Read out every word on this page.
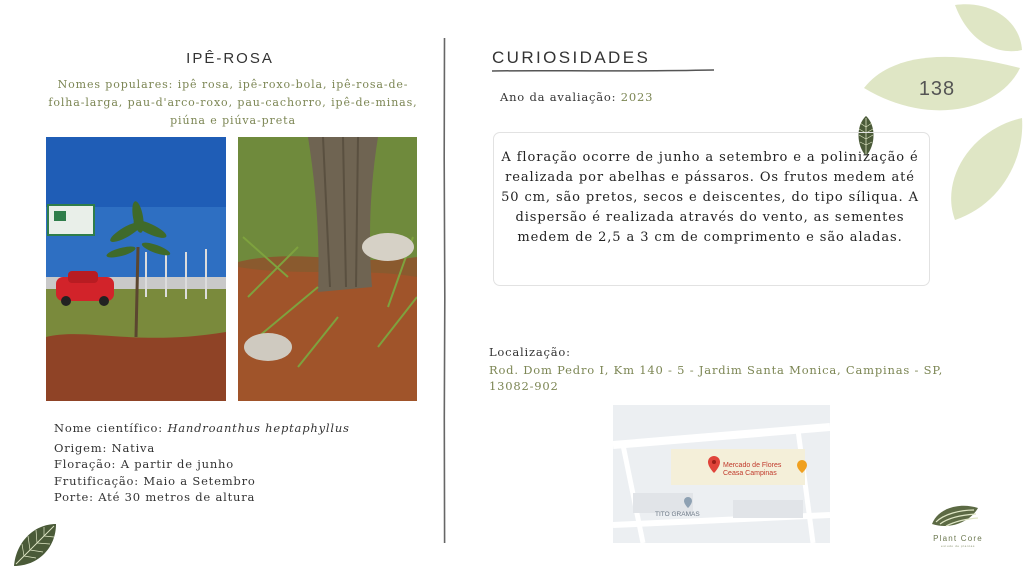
138
IPÊ-ROSA
Nomes populares: ipê rosa, ipê-roxo-bola, ipê-rosa-de-folha-larga, pau-d'arco-roxo, pau-cachorro, ipê-de-minas, piúna e piúva-preta
Nome científico: Handroanthus heptaphyllus
Origem: Nativa
Floração: A partir de junho
Frutificação: Maio a Setembro
Porte: Até 30 metros de altura
CURIOSIDADES
Ano da avaliação: 2023
A floração ocorre de junho a setembro e a polinização é realizada por abelhas e pássaros. Os frutos medem até 50 cm, são pretos, secos e deiscentes, do tipo síliqua. A dispersão é realizada através do vento, as sementes medem de 2,5 a 3 cm de comprimento e são aladas.
Localização:
Rod. Dom Pedro I, Km 140 - 5 - Jardim Santa Monica, Campinas - SP, 13082-902
Mercado de Flores
Ceasa Campinas
TITO GRAMAS
Plant Core
estudo de plantas
